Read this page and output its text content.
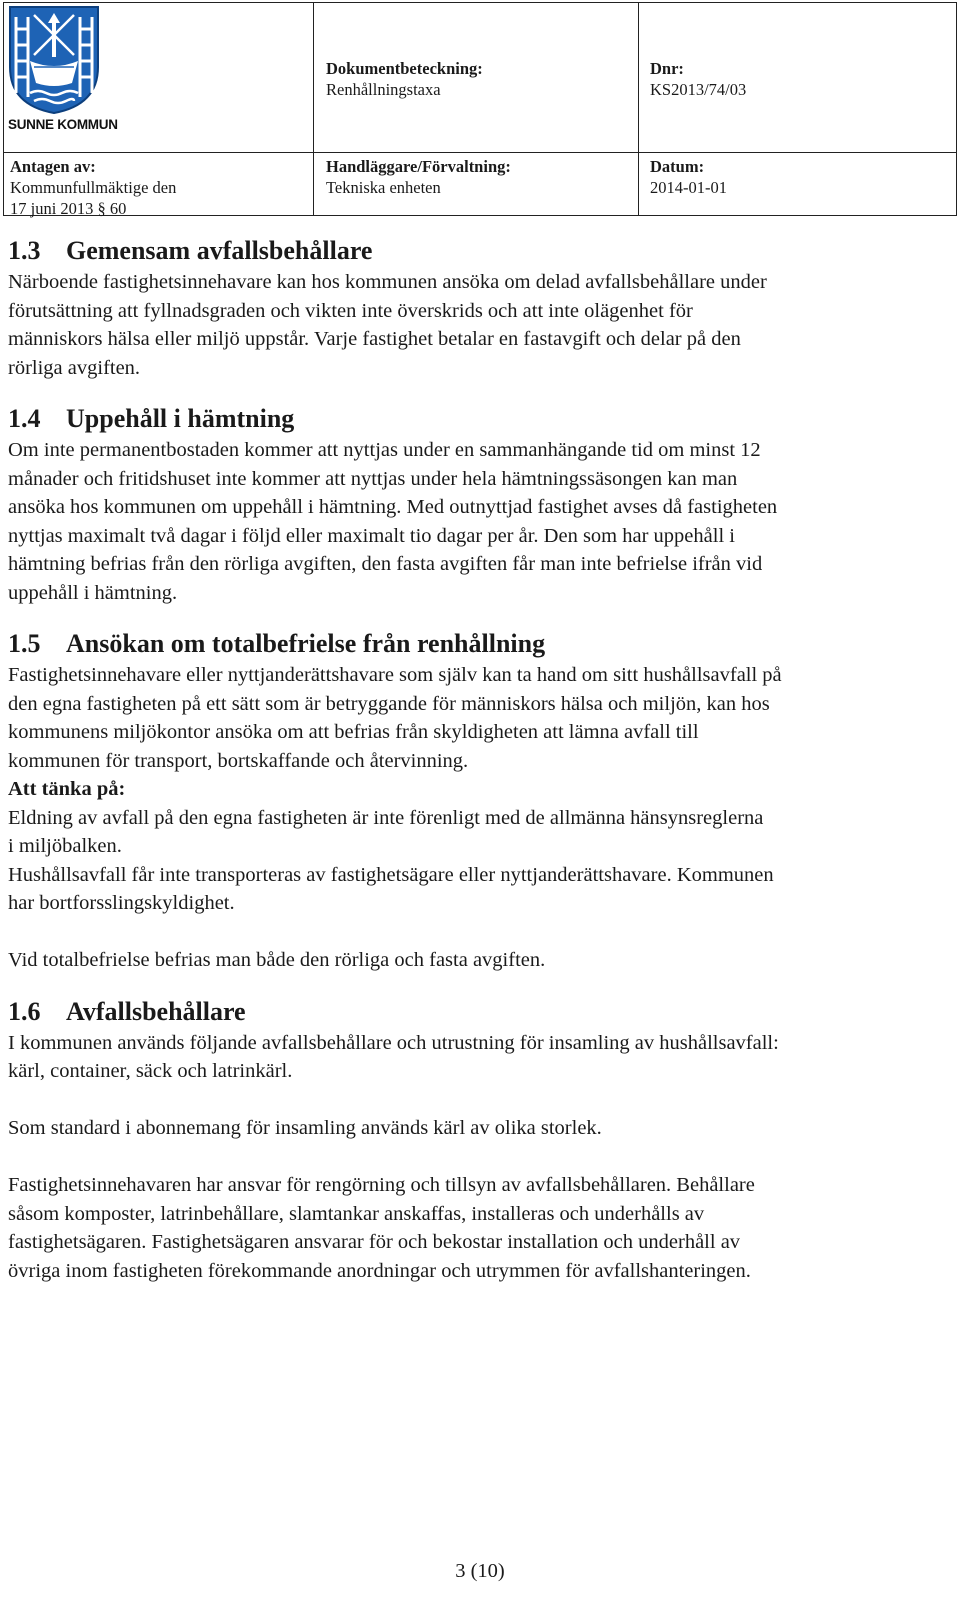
SUNNE KOMMUN
Dokumentbeteckning:
Renhållningstaxa
Dnr:
KS2013/74/03
Antagen av:
Kommunfullmäktige den
17 juni 2013 § 60
Handläggare/Förvaltning:
Tekniska enheten
Datum:
2014-01-01
1.3 Gemensam avfallsbehållare
Närboende fastighetsinnehavare kan hos kommunen ansöka om delad avfallsbehållare under
förutsättning att fyllnadsgraden och vikten inte överskrids och att inte olägenhet för
människors hälsa eller miljö uppstår. Varje fastighet betalar en fastavgift och delar på den
rörliga avgiften.
1.4 Uppehåll i hämtning
Om inte permanentbostaden kommer att nyttjas under en sammanhängande tid om minst 12
månader och fritidshuset inte kommer att nyttjas under hela hämtningssäsongen kan man
ansöka hos kommunen om uppehåll i hämtning. Med outnyttjad fastighet avses då fastigheten
nyttjas maximalt två dagar i följd eller maximalt tio dagar per år. Den som har uppehåll i
hämtning befrias från den rörliga avgiften, den fasta avgiften får man inte befrielse ifrån vid
uppehåll i hämtning.
1.5 Ansökan om totalbefrielse från renhållning
Fastighetsinnehavare eller nyttjanderättshavare som själv kan ta hand om sitt hushållsavfall på
den egna fastigheten på ett sätt som är betryggande för människors hälsa och miljön, kan hos
kommunens miljökontor ansöka om att befrias från skyldigheten att lämna avfall till
kommunen för transport, bortskaffande och återvinning.
Att tänka på:
Eldning av avfall på den egna fastigheten är inte förenligt med de allmänna hänsynsreglerna
i miljöbalken.
Hushållsavfall får inte transporteras av fastighetsägare eller nyttjanderättshavare. Kommunen
har bortforsslingskyldighet.
Vid totalbefrielse befrias man både den rörliga och fasta avgiften.
1.6 Avfallsbehållare
I kommunen används följande avfallsbehållare och utrustning för insamling av hushållsavfall:
kärl, container, säck och latrinkärl.
Som standard i abonnemang för insamling används kärl av olika storlek.
Fastighetsinnehavaren har ansvar för rengörning och tillsyn av avfallsbehållaren. Behållare
såsom komposter, latrinbehållare, slamtankar anskaffas, installeras och underhålls av
fastighetsägaren. Fastighetsägaren ansvarar för och bekostar installation och underhåll av
övriga inom fastigheten förekommande anordningar och utrymmen för avfallshanteringen.
3 (10)
